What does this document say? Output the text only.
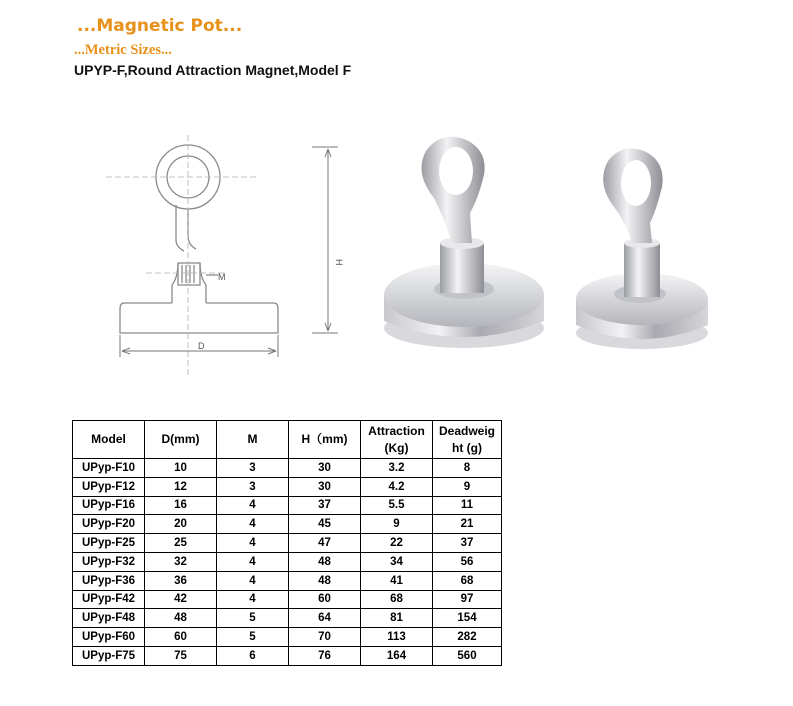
...Magnetic Pot...
...Metric Sizes...
UPYP-F,Round Attraction Magnet,Model F
M
D
H
Model	D(mm)	M	H（mm)	Attraction (Kg)	Deadweig ht (g)
UPyp-F10	10	3	30	3.2	8
UPyp-F12	12	3	30	4.2	9
UPyp-F16	16	4	37	5.5	11
UPyp-F20	20	4	45	9	21
UPyp-F25	25	4	47	22	37
UPyp-F32	32	4	48	34	56
UPyp-F36	36	4	48	41	68
UPyp-F42	42	4	60	68	97
UPyp-F48	48	5	64	81	154
UPyp-F60	60	5	70	113	282
UPyp-F75	75	6	76	164	560
